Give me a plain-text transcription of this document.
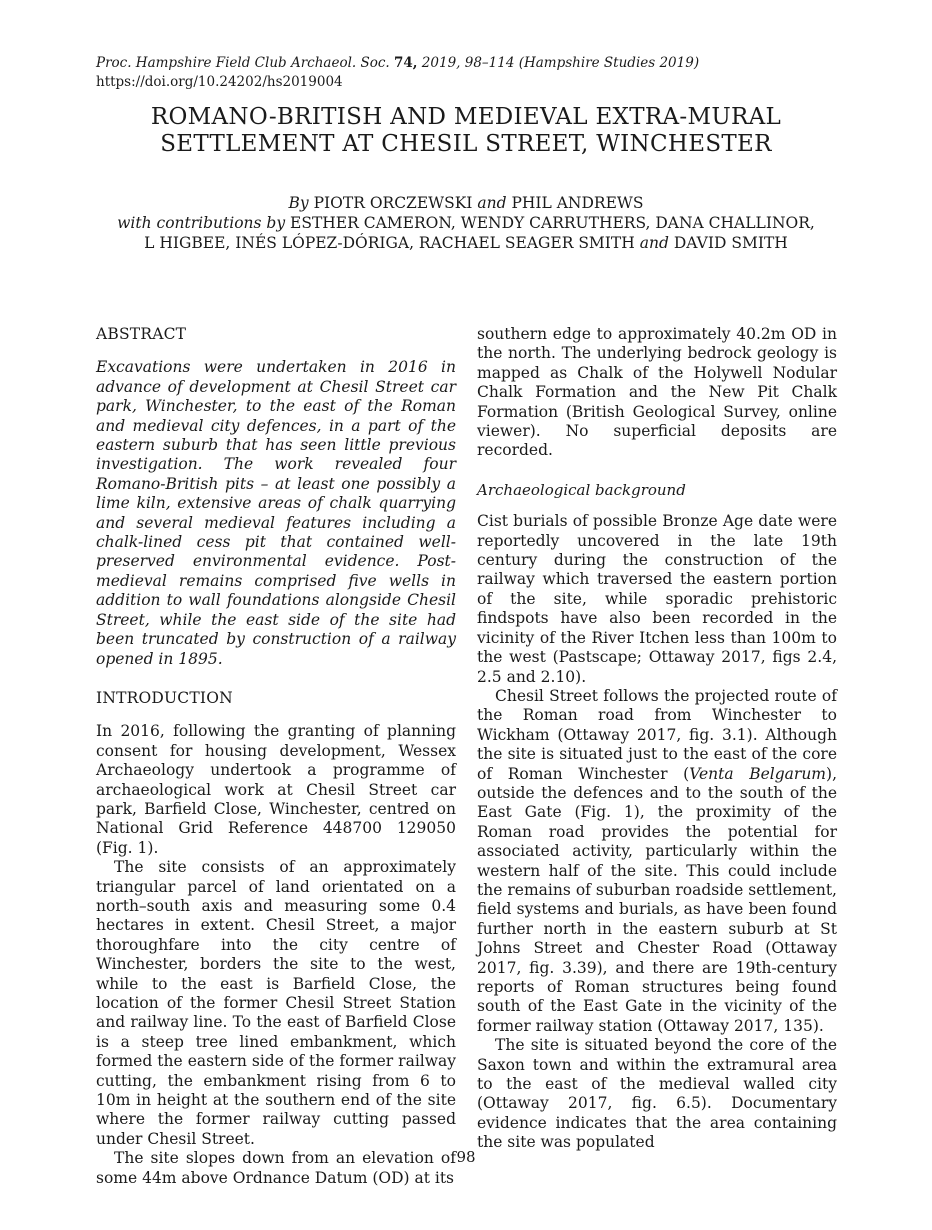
Proc. Hampshire Field Club Archaeol. Soc. 74, 2019, 98–114 (Hampshire Studies 2019)
https://doi.org/10.24202/hs2019004
ROMANO-BRITISH AND MEDIEVAL EXTRA-MURAL
SETTLEMENT AT CHESIL STREET, WINCHESTER
By PIOTR ORCZEWSKI and PHIL ANDREWS
with contributions by ESTHER CAMERON, WENDY CARRUTHERS, DANA CHALLINOR,
L HIGBEE, INÉS LÓPEZ-DÓRIGA, RACHAEL SEAGER SMITH and DAVID SMITH
ABSTRACT

Excavations were undertaken in 2016 in advance of development at Chesil Street car park, Winchester, to the east of the Roman and medieval city defences, in a part of the eastern suburb that has seen little previous investigation. The work revealed four Romano-British pits – at least one possibly a lime kiln, extensive areas of chalk quarrying and several medieval features including a chalk-lined cess pit that contained well-preserved environmental evidence. Post-medieval remains comprised five wells in addition to wall foundations alongside Chesil Street, while the east side of the site had been truncated by construction of a railway opened in 1895.

INTRODUCTION

In 2016, following the granting of planning consent for housing development, Wessex Archaeology undertook a programme of archaeological work at Chesil Street car park, Barfield Close, Winchester, centred on National Grid Reference 448700 129050 (Fig. 1).

The site consists of an approximately triangular parcel of land orientated on a north–south axis and measuring some 0.4 hectares in extent. Chesil Street, a major thoroughfare into the city centre of Winchester, borders the site to the west, while to the east is Barfield Close, the location of the former Chesil Street Station and railway line. To the east of Barfield Close is a steep tree lined embankment, which formed the eastern side of the former railway cutting, the embankment rising from 6 to 10m in height at the southern end of the site where the former railway cutting passed under Chesil Street.

The site slopes down from an elevation of some 44m above Ordnance Datum (OD) at its

southern edge to approximately 40.2m OD in the north. The underlying bedrock geology is mapped as Chalk of the Holywell Nodular Chalk Formation and the New Pit Chalk Formation (British Geological Survey, online viewer). No superficial deposits are recorded.

Archaeological background

Cist burials of possible Bronze Age date were reportedly uncovered in the late 19th century during the construction of the railway which traversed the eastern portion of the site, while sporadic prehistoric findspots have also been recorded in the vicinity of the River Itchen less than 100m to the west (Pastscape; Ottaway 2017, figs 2.4, 2.5 and 2.10).

Chesil Street follows the projected route of the Roman road from Winchester to Wickham (Ottaway 2017, fig. 3.1). Although the site is situated just to the east of the core of Roman Winchester (Venta Belgarum), outside the defences and to the south of the East Gate (Fig. 1), the proximity of the Roman road provides the potential for associated activity, particularly within the western half of the site. This could include the remains of suburban roadside settlement, field systems and burials, as have been found further north in the eastern suburb at St Johns Street and Chester Road (Ottaway 2017, fig. 3.39), and there are 19th-century reports of Roman structures being found south of the East Gate in the vicinity of the former railway station (Ottaway 2017, 135).

The site is situated beyond the core of the Saxon town and within the extramural area to the east of the medieval walled city (Ottaway 2017, fig. 6.5). Documentary evidence indicates that the area containing the site was populated

98
